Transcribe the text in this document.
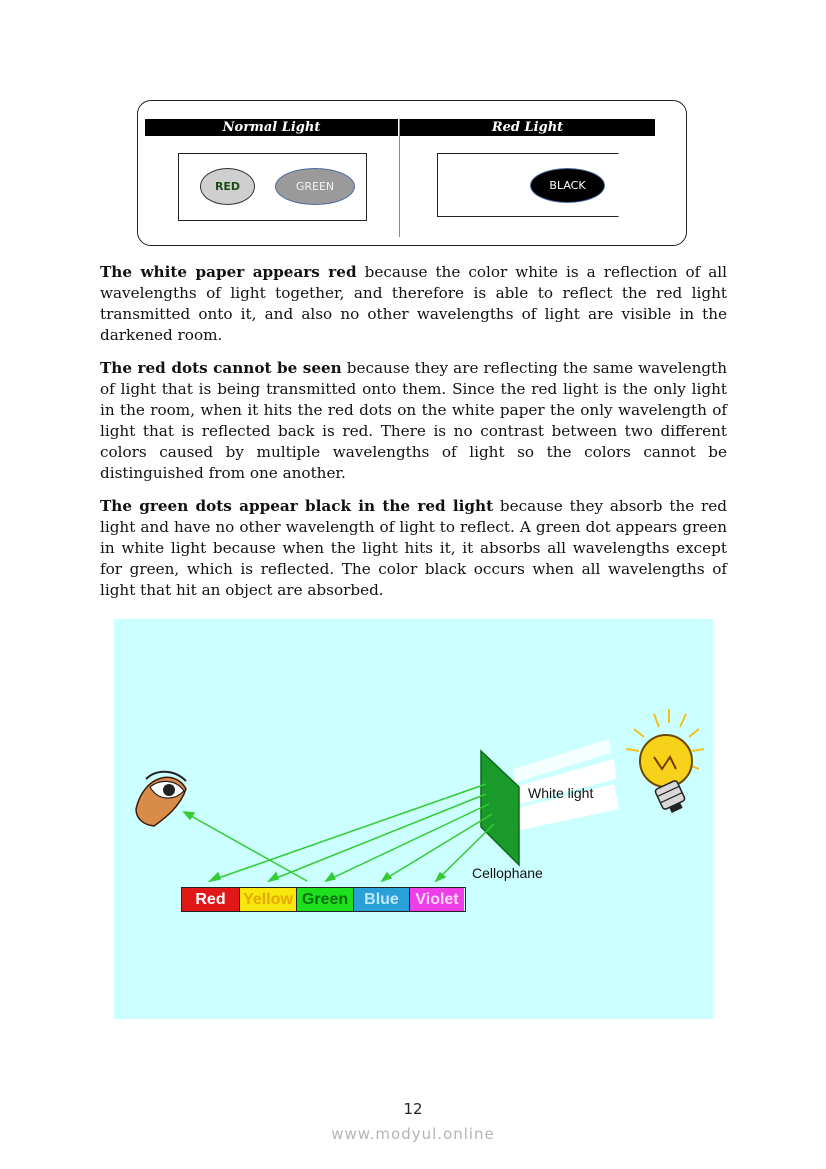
Normal Light	Red Light
RED	GREEN	BLACK

The white paper appears red because the color white is a reflection of all wavelengths of light together, and therefore is able to reflect the red light transmitted onto it, and also no other wavelengths of light are visible in the darkened room.

The red dots cannot be seen because they are reflecting the same wavelength of light that is being transmitted onto them. Since the red light is the only light in the room, when it hits the red dots on the white paper the only wavelength of light that is reflected back is red. There is no contrast between two different colors caused by multiple wavelengths of light so the colors cannot be distinguished from one another.

The green dots appear black in the red light because they absorb the red light and have no other wavelength of light to reflect. A green dot appears green in white light because when the light hits it, it absorbs all wavelengths except for green, which is reflected. The color black occurs when all wavelengths of light that hit an object are absorbed.

White light
Cellophane
Red	Yellow Green	Blue	Violet
12
www.modyul.online
